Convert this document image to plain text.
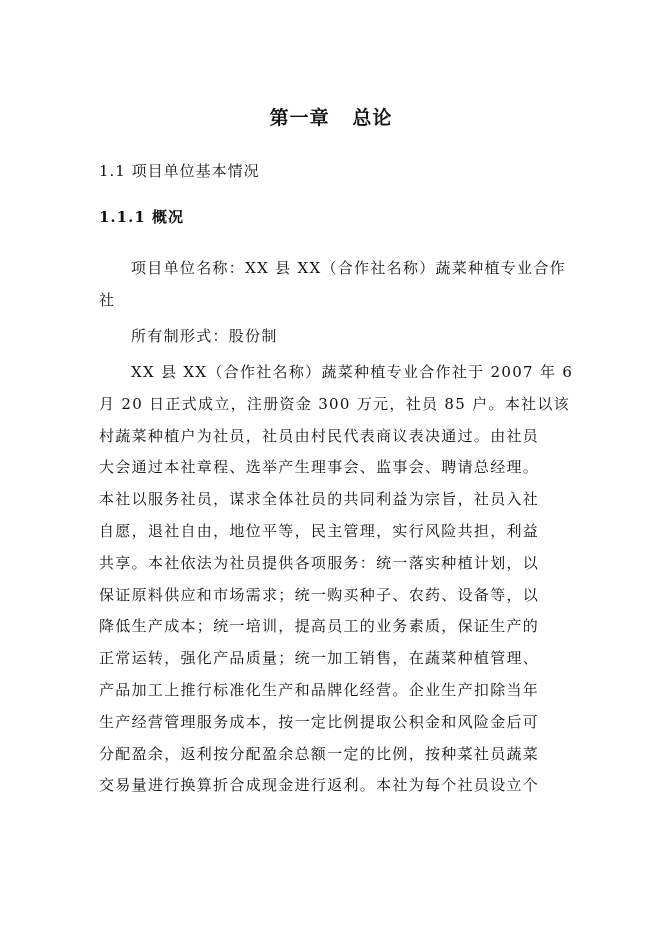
第一章   总论
1.1 项目单位基本情况
1.1.1 概况
项目单位名称：XX 县 XX（合作社名称）蔬菜种植专业合作
社
所有制形式：股份制
XX 县 XX（合作社名称）蔬菜种植专业合作社于 2007 年 6
月 20 日正式成立，注册资金 300 万元，社员 85 户。本社以该
村蔬菜种植户为社员，社员由村民代表商议表决通过。由社员
大会通过本社章程、选举产生理事会、监事会、聘请总经理。
本社以服务社员，谋求全体社员的共同利益为宗旨，社员入社
自愿，退社自由，地位平等，民主管理，实行风险共担，利益
共享。本社依法为社员提供各项服务：统一落实种植计划，以
保证原料供应和市场需求；统一购买种子、农药、设备等，以
降低生产成本；统一培训，提高员工的业务素质，保证生产的
正常运转，强化产品质量；统一加工销售，在蔬菜种植管理、
产品加工上推行标准化生产和品牌化经营。企业生产扣除当年
生产经营管理服务成本，按一定比例提取公积金和风险金后可
分配盈余，返利按分配盈余总额一定的比例，按种菜社员蔬菜
交易量进行换算折合成现金进行返利。本社为每个社员设立个
